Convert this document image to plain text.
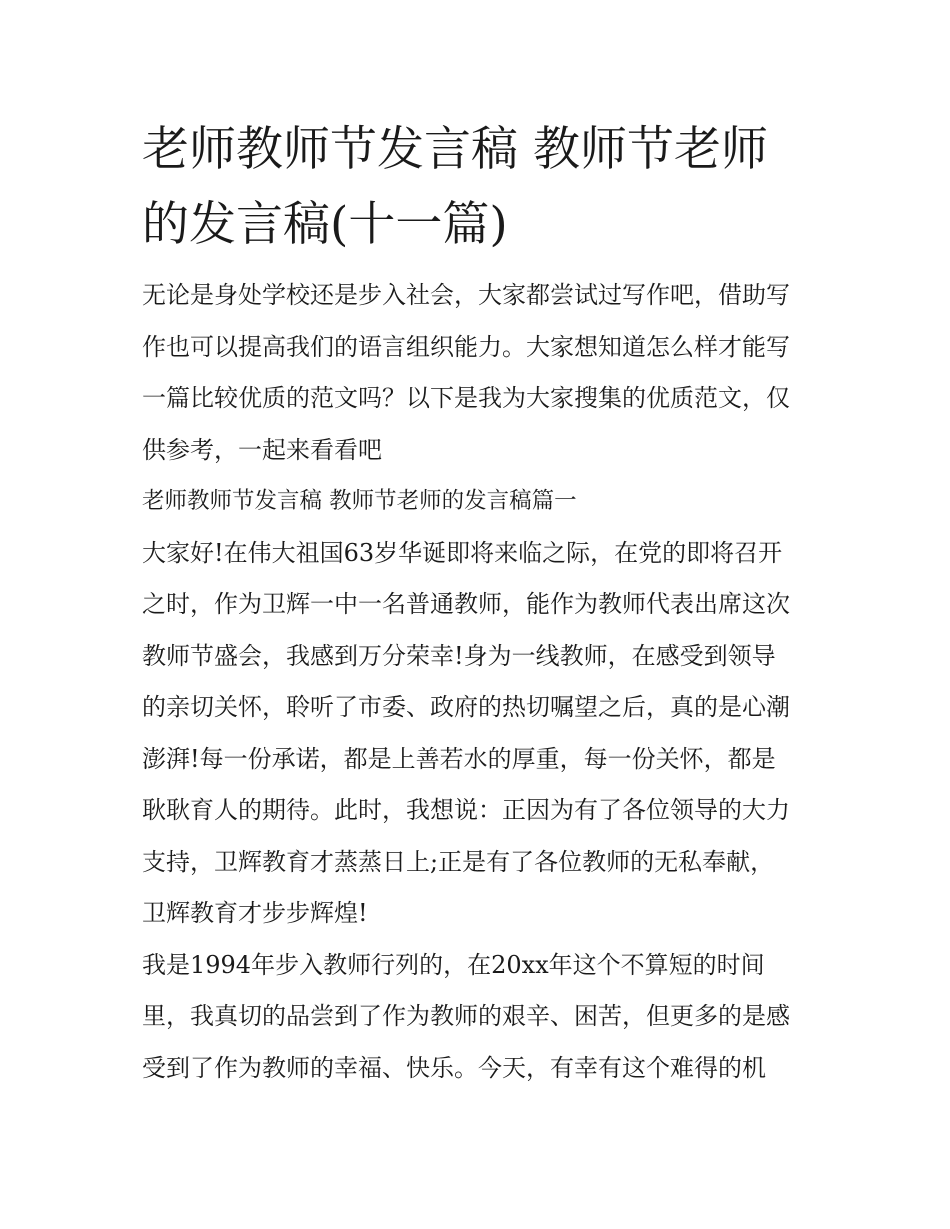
老师教师节发言稿 教师节老师
的发言稿(十一篇)

无论是身处学校还是步入社会，大家都尝试过写作吧，借助写
作也可以提高我们的语言组织能力。大家想知道怎么样才能写
一篇比较优质的范文吗？以下是我为大家搜集的优质范文，仅
供参考，一起来看看吧

老师教师节发言稿 教师节老师的发言稿篇一

大家好!在伟大祖国63岁华诞即将来临之际，在党的即将召开
之时，作为卫辉一中一名普通教师，能作为教师代表出席这次
教师节盛会，我感到万分荣幸!身为一线教师，在感受到领导
的亲切关怀，聆听了市委、政府的热切嘱望之后，真的是心潮
澎湃!每一份承诺，都是上善若水的厚重，每一份关怀，都是
耿耿育人的期待。此时，我想说：正因为有了各位领导的大力
支持，卫辉教育才蒸蒸日上;正是有了各位教师的无私奉献，
卫辉教育才步步辉煌!

我是1994年步入教师行列的，在20xx年这个不算短的时间
里，我真切的品尝到了作为教师的艰辛、困苦，但更多的是感
受到了作为教师的幸福、快乐。今天，有幸有这个难得的机
